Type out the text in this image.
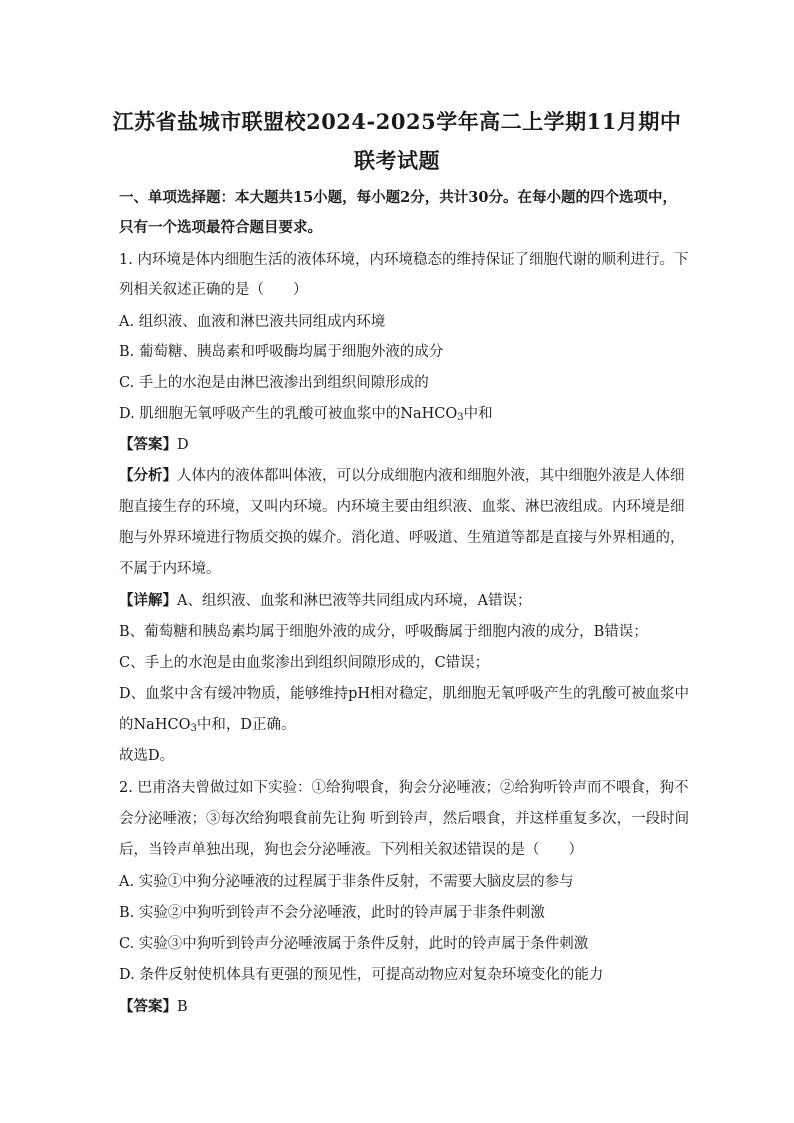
江苏省盐城市联盟校2024-2025学年高二上学期11月期中
联考试题
一、单项选择题：本大题共15小题，每小题2分，共计30分。在每小题的四个选项中，
只有一个选项最符合题目要求。
1. 内环境是体内细胞生活的液体环境，内环境稳态的维持保证了细胞代谢的顺利进行。下
列相关叙述正确的是（　　）
A. 组织液、血液和淋巴液共同组成内环境
B. 葡萄糖、胰岛素和呼吸酶均属于细胞外液的成分
C. 手上的水泡是由淋巴液渗出到组织间隙形成的
D. 肌细胞无氧呼吸产生的乳酸可被血浆中的NaHCO$_3$中和
【答案】D
【分析】人体内的液体都叫体液，可以分成细胞内液和细胞外液，其中细胞外液是人体细
胞直接生存的环境，又叫内环境。内环境主要由组织液、血浆、淋巴液组成。内环境是细
胞与外界环境进行物质交换的媒介。消化道、呼吸道、生殖道等都是直接与外界相通的，
不属于内环境。
【详解】A、组织液、血浆和淋巴液等共同组成内环境，A错误；
B、葡萄糖和胰岛素均属于细胞外液的成分，呼吸酶属于细胞内液的成分，B错误；
C、手上的水泡是由血浆渗出到组织间隙形成的，C错误；
D、血浆中含有缓冲物质，能够维持pH相对稳定，肌细胞无氧呼吸产生的乳酸可被血浆中
的NaHCO$_3$中和，D正确。
故选D。
2. 巴甫洛夫曾做过如下实验：①给狗喂食，狗会分泌唾液；②给狗听铃声而不喂食，狗不
会分泌唾液；③每次给狗喂食前先让狗 听到铃声，然后喂食，并这样重复多次，一段时间
后，当铃声单独出现，狗也会分泌唾液。下列相关叙述错误的是（　　）
A. 实验①中狗分泌唾液的过程属于非条件反射，不需要大脑皮层的参与
B. 实验②中狗听到铃声不会分泌唾液，此时的铃声属于非条件刺激
C. 实验③中狗听到铃声分泌唾液属于条件反射，此时的铃声属于条件刺激
D. 条件反射使机体具有更强的预见性，可提高动物应对复杂环境变化的能力
【答案】B
